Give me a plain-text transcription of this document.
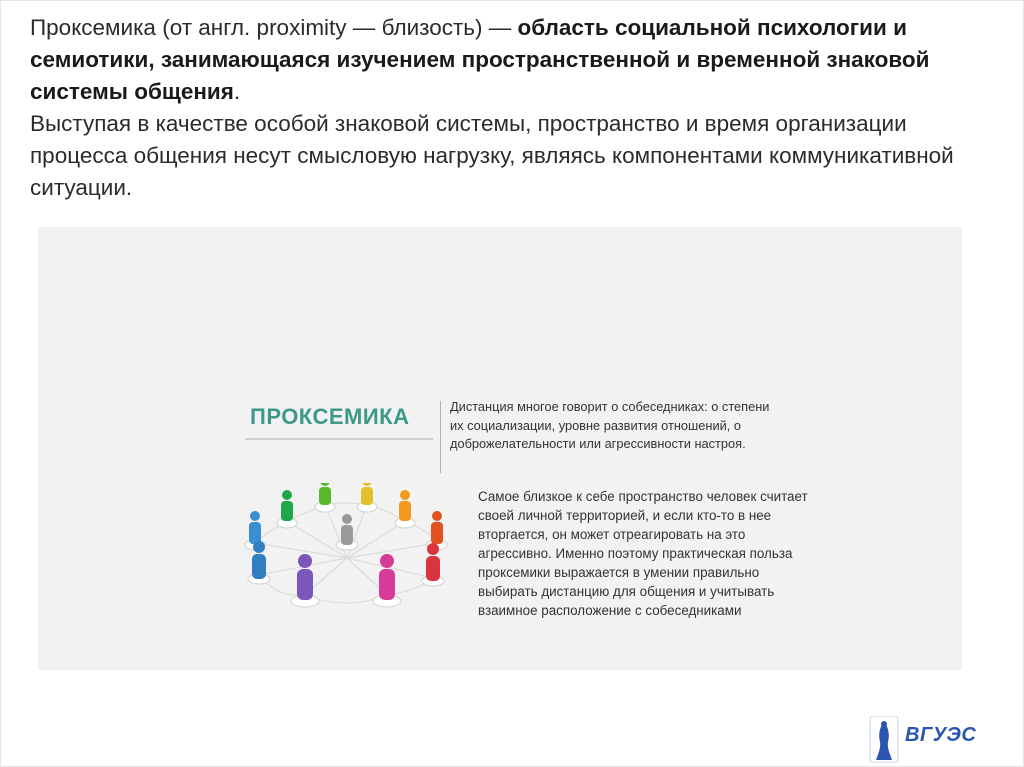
Проксемика (от англ. proximity — близость) — область социальной психологии и семиотики, занимающаяся изучением пространственной и временной знаковой системы общения.

Выступая в качестве особой знаковой системы, пространство и время организации процесса общения несут смысловую нагрузку, являясь компонентами коммуникативной ситуации.

ПРОКСЕМИКА	Дистанция многое говорит о собеседниках: о степени их социализации, уровне развития отношений, о доброжелательности или агрессивности настроя.
Самое близкое к себе пространство человек считает своей личной территорией, и если кто-то в нее вторгается, он может отреагировать на это агрессивно. Именно поэтому практическая польза проксемики выражается в умении правильно выбирать дистанцию для общения и учитывать взаимное расположение с собеседниками
ВГУЭС
